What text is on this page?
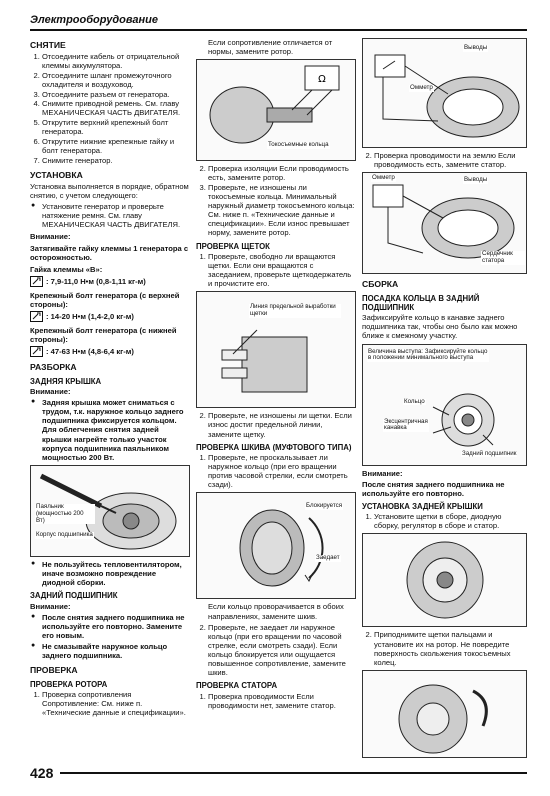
Электрооборудование
СНЯТИЕ
1. Отсоедините кабель от отрицательной клеммы аккумулятора.
2. Отсоедините шланг промежуточного охладителя и воздуховод.
3. Отсоедините разъем от генератора.
4. Снимите приводной ремень. См. главу МЕХАНИЧЕСКАЯ ЧАСТЬ ДВИГАТЕЛЯ.
5. Открутите верхний крепежный болт генератора.
6. Открутите нижние крепежные гайку и болт генератора.
7. Снимите генератор.
УСТАНОВКА

Установка выполняется в порядке, обратном снятию, с учетом следующего:

● Установите генератор и проверьте натяжение ремня. См. главу МЕХАНИЧЕСКАЯ ЧАСТЬ ДВИГАТЕЛЯ.

Внимание:

Затягивайте гайку клеммы 1 генератора с осторожностью.

Гайка клеммы «В»:

: 7,9-11,0 Н•м (0,8-1,11 кг-м)

Крепежный болт генератора (с верхней стороны):

: 14-20 Н•м (1,4-2,0 кг-м)

Крепежный болт генератора (с нижней стороны):

: 47-63 Н•м (4,8-6,4 кг-м)
РАЗБОРКА
ЗАДНЯЯ КРЫШКА

Внимание:

● Задняя крышка может сниматься с трудом, т.к. наружное кольцо заднего подшипника фиксируется кольцом. Для облегчения снятия задней крышки нагрейте только участок корпуса подшипника паяльником мощностью 200 Вт.
Паяльник (мощностью 200 Вт)
Корпус подшипника
● Не пользуйтесь тепловентилятором, иначе возможно повреждение диодной сборки.
ЗАДНИЙ ПОДШИПНИК

Внимание:

● После снятия заднего подшипника не используйте его повторно. Замените его новым.
● Не смазывайте наружное кольцо заднего подшипника.
ПРОВЕРКА
ПРОВЕРКА РОТОРА
1. Проверка сопротивления Сопротивление: См. ниже п. «Технические данные и спецификации».

Если сопротивление отличается от нормы, замените ротор.

Ω
Токосъемные кольца
2. Проверка изоляции Если проводимость есть, замените ротор.
3. Проверьте, не изношены ли токосъемные кольца. Минимальный наружный диаметр токосъемного кольца: См. ниже п. «Технические данные и спецификации». Если износ превышает норму, замените ротор.
ПРОВЕРКА ЩЕТОК
1. Проверьте, свободно ли вращаются щетки. Если они вращаются с заседанием, проверьте щеткодержатель и прочистите его.
Линия предельной выработки щетки
2. Проверьте, не изношены ли щетки. Если износ достиг предельной линии, замените щетку.
ПРОВЕРКА ШКИВА (МУФТОВОГО ТИПА)
1. Проверьте, не проскальзывает ли наружное кольцо (при его вращении против часовой стрелки, если смотреть сзади).
Блокируется
Заедает

Если кольцо проворачивается в обоих направлениях, замените шкив.

2. Проверьте, не заедает ли наружное кольцо (при его вращении по часовой стрелке, если смотреть сзади). Если кольцо блокируется или ощущается повышенное сопротивление, замените шкив.
ПРОВЕРКА СТАТОРА
1. Проверка проводимости Если проводимости нет, замените статор.
Выводы
Омметр
2. Проверка проводимости на землю Если проводимость есть, замените статор.
Омметр	Выводы
Сердечник статора
СБОРКА
ПОСАДКА КОЛЬЦА В ЗАДНИЙ ПОДШИПНИК

Зафиксируйте кольцо в канавке заднего подшипника так, чтобы оно было как можно ближе к смежному участку.

Величина выступа: Зафиксируйте кольцо в положении минимального выступа
Кольцо
Эксцентричная канавка
Задний подшипник

Внимание:

После снятия заднего подшипника не используйте его повторно.

УСТАНОВКА ЗАДНЕЙ КРЫШКИ
1. Установите щетки в сборе, диодную сборку, регулятор в сборе и статор.
2. Приподнимите щетки пальцами и установите их на ротор. Не повредите поверхность скольжения токосъемных колец.
428
